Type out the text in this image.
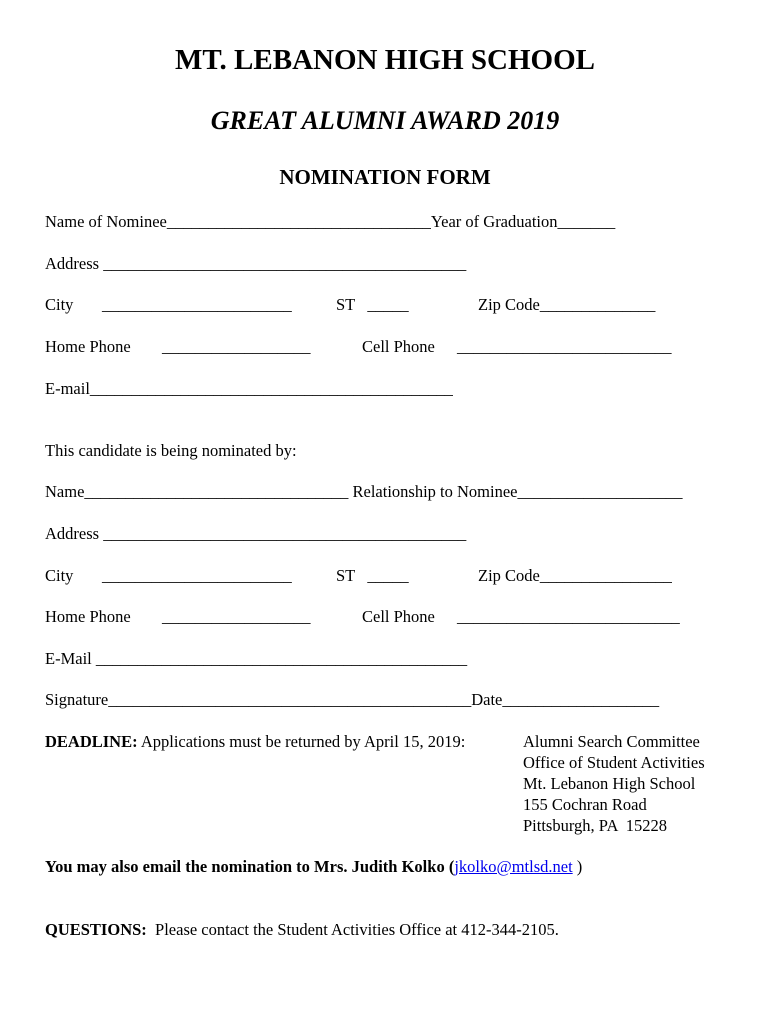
MT. LEBANON HIGH SCHOOL
GREAT ALUMNI AWARD 2019
NOMINATION FORM
Name of Nominee________________________________Year of Graduation_______
Address ____________________________________________
City _______________________	ST   _____	Zip Code______________
Home Phone __________________	Cell Phone __________________________
E-mail____________________________________________
This candidate is being nominated by:
Name________________________________ Relationship to Nominee____________________
Address ____________________________________________
City _______________________	ST   _____	Zip Code________________
Home Phone __________________	Cell Phone ___________________________
E-Mail _____________________________________________
Signature____________________________________________Date___________________
DEADLINE: Applications must be returned by April 15, 2019:	Alumni Search Committee
Office of Student Activities
Mt. Lebanon High School
155 Cochran Road
Pittsburgh, PA  15228
You may also email the nomination to Mrs. Judith Kolko (jkolko@mtlsd.net )
QUESTIONS:  Please contact the Student Activities Office at 412-344-2105.
